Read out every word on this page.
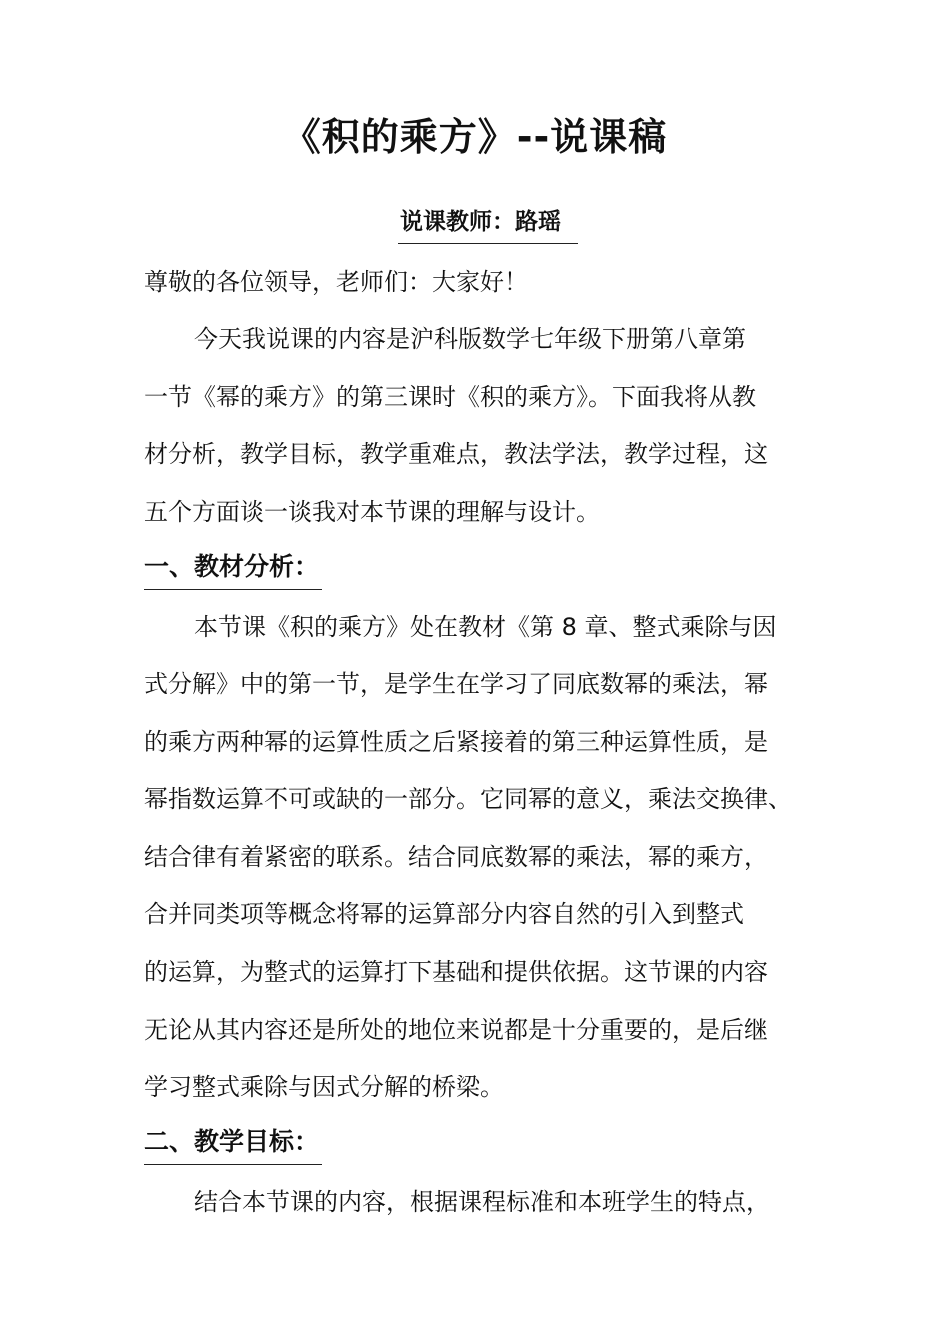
《积的乘方》--说课稿
说课教师：路瑶
尊敬的各位领导，老师们：大家好！
今天我说课的内容是沪科版数学七年级下册第八章第
一节《幂的乘方》的第三课时《积的乘方》。下面我将从教
材分析，教学目标，教学重难点，教法学法，教学过程，这
五个方面谈一谈我对本节课的理解与设计。
一、教材分析：
本节课《积的乘方》处在教材《第 8 章、整式乘除与因
式分解》中的第一节，是学生在学习了同底数幂的乘法，幂
的乘方两种幂的运算性质之后紧接着的第三种运算性质，是
幂指数运算不可或缺的一部分。它同幂的意义，乘法交换律、
结合律有着紧密的联系。结合同底数幂的乘法，幂的乘方，
合并同类项等概念将幂的运算部分内容自然的引入到整式
的运算，为整式的运算打下基础和提供依据。这节课的内容
无论从其内容还是所处的地位来说都是十分重要的，是后继
学习整式乘除与因式分解的桥梁。
二、教学目标：
结合本节课的内容，根据课程标准和本班学生的特点，
